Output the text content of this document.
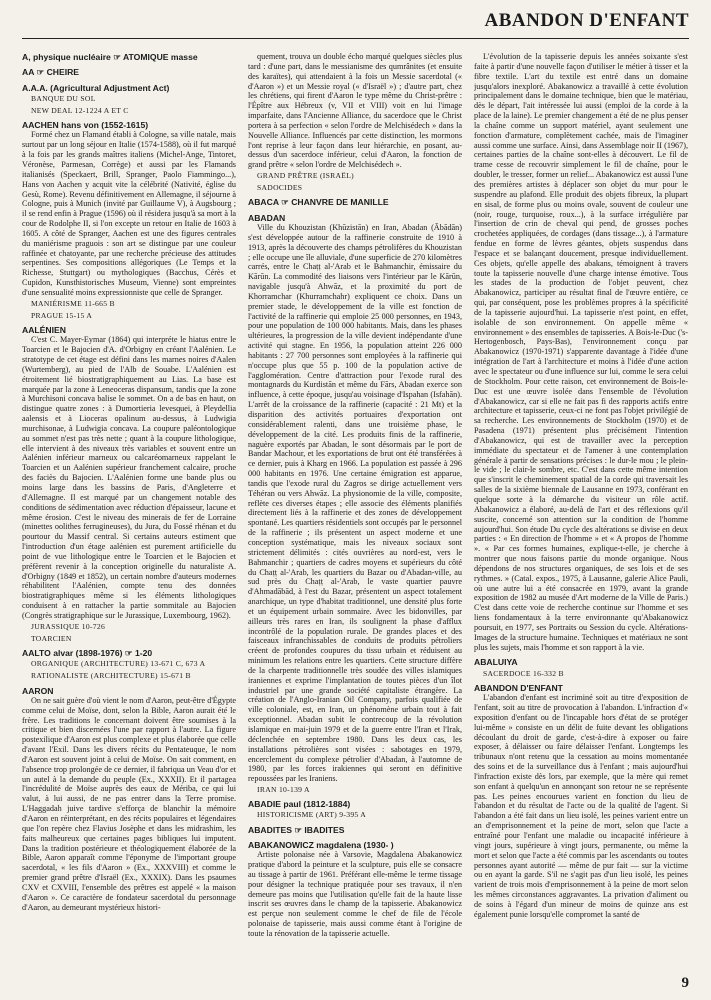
ABANDON D'ENFANT
A, physique nucléaire ☞ ATOMIQUE masse
AA ☞ CHEIRE
A.A.A. (Agricultural Adjustment Act)
BANQUE DU SOL
NEW DEAL 12-1224 A ET C
AACHEN hans von (1552-1615)
Formé chez un Flamand établi à Cologne, sa ville natale, mais surtout par un long séjour en Italie (1574-1588), où il fut marqué à la fois par les grands maîtres italiens (Michel-Ange, Tintoret, Véronèse, Parmesan, Corrège) et aussi par les Flamands italianisés (Speckaert, Brill, Spranger, Paolo Fiammingo...), Hans von Aachen y acquit vite la célébrité (Nativité, église du Gesù, Rome). Revenu définitivement en Allemagne, il séjourne à Cologne, puis à Munich (invité par Guillaume V), à Augsbourg ; il se rend enfin à Prague (1596) où il résidera jusqu'à sa mort à la cour de Rodolphe II, si l'on excepte un retour en Italie de 1603 à 1605. A côté de Spranger, Aachen est une des figures centrales du maniérisme praguois : son art se distingue par une couleur raffinée et chatoyante, par une recherche précieuse des attitudes serpentines. Ses compositions allégoriques (Le Temps et la Richesse, Stuttgart) ou mythologiques (Bacchus, Cérès et Cupidon, Kunsthistorisches Museum, Vienne) sont empreintes d'une sensualité moins expressionniste que celle de Spranger.
MANIÉRISME 11-665 B
PRAGUE 15-15 A
AALÉNIEN
C'est C. Mayer-Eymar (1864) qui interpréte le hiatus entre le Toarcien et le Bajocien d'A. d'Orbigny en créant l'Aalénien. Le stratotype de cet étage est défini dans les marnes noires d'Aalen (Wurtemberg), au pied de l'Alb de Souabe. L'Aalénien est étroitement lié biostratigraphiquement au Lias. La base est marquée par la zone à Leneoceras dispansum, tandis que la zone à Murchisoni concava balise le sommet. On a de bas en haut, on distingue quatre zones : à Dumortieria levesquei, à Pleydellia aalensis et à Lioceras opalinum au-dessus, à Ludwigia murchisonae, à Ludwigia concava. La coupure paléontologique au sommet n'est pas très nette ; quant à la coupure lithologique, elle intervient à des niveaux très variables et souvent entre un Aalénien inférieur marneux ou calcaréomarneux rappelant le Toarcien et un Aalénien supérieur franchement calcaire, proche des faciès du Bajocien. L'Aalénien forme une bande plus ou moins large dans les bassins de Paris, d'Angleterre et d'Allemagne. Il est marqué par un changement notable des conditions de sédimentation avec réduction d'épaisseur, lacune et même érosion. C'est le niveau des minerais de fer de Lorraine (minettes oolithes ferrugineuses), du Jura, du Fossé rhénan et du pourtour du Massif central. Si certains auteurs estiment que l'introduction d'un étage aalénien est purement artificielle du point de vue lithologique entre le Toarcien et le Bajocien et préfèrent revenir à la conception originelle du naturaliste A. d'Orbigny (1849 et 1852), un certain nombre d'auteurs modernes réhabilitent l'Aalénien, compte tenu des données biostratigraphiques même si les éléments lithologiques conduisent à en rattacher la partie sommitale au Bajocien (Congrès stratigraphique sur le Jurassique, Luxembourg, 1962).
JURASSIQUE 10-726
TOARCIEN
AALTO alvar (1898-1976) ☞ 1-20
ORGANIQUE (ARCHITECTURE) 13-671 C, 673 A
RATIONALISTE (ARCHITECTURE) 15-671 B
AARON
On ne sait guère d'où vient le nom d'Aaron, peut-être d'Égypte comme celui de Moïse, dont, selon la Bible, Aaron aurait été le frère. Les traditions le concernant doivent être soumises à la critique et bien discernées l'une par rapport à l'autre. La figure postexilique d'Aaron est plus complexe et plus élaborée que celle d'avant l'Exil. Dans les divers récits du Pentateuque, le nom d'Aaron est souvent joint à celui de Moïse. On sait comment, en l'absence trop prolongée de ce dernier, il fabriqua un Veau d'or et un autel à la demande du peuple (Ex., XXXII). Et il partagea l'incrédulité de Moïse auprès des eaux de Mériba, ce qui lui valut, à lui aussi, de ne pas entrer dans la Terre promise. L'Haggadah juive tardive s'efforça de blanchir la mémoire d'Aaron en réinterprétant, en des récits populaires et légendaires que l'on repère chez Flavius Josèphe et dans les midrashim, les faits malheureux que certaines pages bibliques lui imputent. Dans la tradition postérieure et théologiquement élaborée de la Bible, Aaron apparaît comme l'éponyme de l'important groupe sacerdotal, « les fils d'Aaron » (Ex., XXXVIII) et comme le premier grand prêtre d'Israël (Ex., XXXIX). Dans les psaumes CXV et CXVIII, l'ensemble des prêtres est appelé « la maison d'Aaron ». Ce caractère de fondateur sacerdotal du personnage d'Aaron, au demeurant mystérieux histori-
quement, trouva un double écho marqué quelques siècles plus tard : d'une part, dans le messianisme des qumrânites (et ensuite des karaïtes), qui attendaient à la fois un Messie sacerdotal (« d'Aaron ») et un Messie royal (« d'Israël ») ; d'autre part, chez les chrétiens, qui firent d'Aaron le type même du Christ-prêtre : l'Épître aux Hébreux (v, VII et VIII) voit en lui l'image imparfaite, dans l'Ancienne Alliance, du sacerdoce que le Christ portera à sa perfection « selon l'ordre de Melchisédech » dans la Nouvelle Alliance. Influencés par cette distinction, les mormons l'ont reprise à leur façon dans leur hiérarchie, en posant, au-dessus d'un sacerdoce inférieur, celui d'Aaron, la fonction de grand prêtre « selon l'ordre de Melchisédech ».
GRAND PRÊTRE (ISRAËL)
SADOCIDES
ABACA ☞ CHANVRE DE MANILLE
ABADAN
Ville du Khouzistan (Khūzistān) en Iran, Abadan (Ābādān) s'est développée autour de la raffinerie construite de 1910 à 1913, après la découverte des champs pétrolifères du Khouzistan ; elle occupe une île alluviale, d'une superficie de 270 kilomètres carrés, entre le Chaṭṭ al-'Arab et le Bahmanchir, émissaire du Kārūn. La commodité des liaisons vers l'intérieur par le Kārūn, navigable jusqu'à Ahwāz, et la proximité du port de Khorramchar (Khurramchahr) expliquent ce choix. Dans un premier stade, le développement de la ville est fonction de l'activité de la raffinerie qui emploie 25 000 personnes, en 1943, pour une population de 100 000 habitants. Mais, dans les phases ultérieures, la progression de la ville devient indépendante d'une activité qui stagne. En 1956, la population atteint 226 000 habitants : 27 700 personnes sont employées à la raffinerie qui n'occupe plus que 55 p. 100 de la population active de l'agglomération. Centre d'attraction pour l'exode rural des montagnards du Kurdistān et même du Fārs, Abadan exerce son influence, à cette époque, jusqu'au voisinage d'Ispahan (Isfahān). L'arrêt de la croissance de la raffinerie (capacité : 21 Mt) et la disparition des activités portuaires d'exportation ont considérablement ralenti, dans une troisième phase, le développement de la cité. Les produits finis de la raffinerie, naguère exportés par Abadan, le sont désormais par le port de Bandar Machour, et les exportations de brut ont été transférées à ce dernier, puis à Kharg en 1966. La population est passée à 296 000 habitants en 1976. Une certaine émigration est apparue, tandis que l'exode rural du Zagros se dirige actuellement vers Téhéran ou vers Ahwāz. La physionomie de la ville, composite, reflète ces diverses étapes ; elle associe des éléments planifiés directement liés à la raffinerie et des zones de développement spontané. Les quartiers résidentiels sont occupés par le personnel de la raffinerie ; ils présentent un aspect moderne et une conception systématique, mais les niveaux sociaux sont strictement délimités : cités ouvrières au nord-est, vers le Bahmanchir ; quartiers de cadres moyens et supérieurs du côté du Chaṭṭ al-'Arab, les quartiers du Bazar ou d'Abadan-ville, au sud près du Chaṭṭ al-'Arab, le vaste quartier pauvre d'Ahmadābād, à l'est du Bazar, présentent un aspect totalement anarchique, un type d'habitat traditionnel, une densité plus forte et un équipement urbain sommaire. Avec les bidonvilles, par ailleurs très rares en Iran, ils soulignent la phase d'afflux incontrôlé de la population rurale. De grandes places et des faisceaux infranchissables de conduits de produits pétroliers créent de profondes coupures du tissu urbain et réduisent au minimum les relations entre les quartiers. Cette structure diffère de la charpente traditionnelle très soudée des villes islamiques iraniennes et exprime l'implantation de toutes pièces d'un îlot industriel par une grande société capitaliste étrangère. La création de l'Anglo-Iranian Oil Company, parfois qualifiée de ville coloniale, est, en Iran, un phénomène urbain tout à fait exceptionnel. Abadan subit le contrecoup de la révolution islamique en mai-juin 1979 et de la guerre entre l'Iran et l'Irak, déclenchée en septembre 1980. Dans les deux cas, les installations pétrolières sont visées : sabotages en 1979, encerclement du complexe pétrolier d'Abadan, à l'automne de 1980, par les forces irakiennes qui seront en définitive repoussées par les Iraniens.
IRAN 10-139 A
ABADIE paul (1812-1884)
HISTORICISME (ART) 9-395 A
ABADITES ☞ IBADITES
ABAKANOWICZ magdalena (1930- )
Artiste polonaise née à Varsovie, Magdalena Abakanowicz pratique d'abord la peinture et la sculpture, puis elle se consacre au tissage à partir de 1961. Préférant elle-même le terme tissage pour désigner la technique pratiquée pour ses travaux, il n'en demeure pas moins que l'utilisation qu'elle fait de la haute lisse inscrit ses œuvres dans le champ de la tapisserie. Abakanowicz est perçue non seulement comme le chef de file de l'école polonaise de tapisserie, mais aussi comme étant à l'origine de toute la rénovation de la tapisserie actuelle.
L'évolution de la tapisserie depuis les années soixante s'est faite à partir d'une nouvelle façon d'utiliser le métier à tisser et la fibre textile. L'art du textile est entré dans un domaine jusqu'alors inexploré. Abakanowicz a travaillé à cette évolution principalement dans le domaine technique, bien que le matériau, dès le départ, l'ait intéressée lui aussi (emploi de la corde à la place de la laine). Le premier changement a été de ne plus penser la chaîne comme un support matériel, ayant seulement une fonction d'armature, complètement cachée, mais de l'imaginer aussi comme une surface. Ainsi, dans Assemblage noir II (1967), certaines parties de la chaîne sont-elles à découvert. Le fil de trame cesse de recouvrir simplement le fil de chaîne, pour le doubler, le tresser, former un relief... Abakanowicz est aussi l'une des premières artistes à déplacer son objet du mur pour le suspendre au plafond. Elle produit des objets fibreux, la plupart en sisal, de forme plus ou moins ovale, souvent de couleur une (noir, rouge, turquoise, roux...), à la surface irrégulière par l'insertion de crin de cheval qui pend, de grosses poches crochetées appliquées, de cordages (dans tissage...), à l'armature fendue en forme de lèvres géantes, objets suspendus dans l'espace et se balançant doucement, presque individuellement. Ces objets, qu'elle appelle des abakans, témoignent à travers toute la tapisserie nouvelle d'une charge intense émotive. Tous les stades de la production de l'objet peuvent, chez Abakanowicz, participer au résultat final de l'œuvre entière, ce qui, par conséquent, pose les problèmes propres à la spécificité de la tapisserie aujourd'hui. La tapisserie n'est point, en effet, isolable de son environnement. On appelle même « environnement » des ensembles de tapisseries. A Bois-le-Duc ('s-Hertogenbosch, Pays-Bas), l'environnement conçu par Abakanowicz (1970-1971) s'apparente davantage à l'idée d'une intégration de l'art à l'architecture et moins à l'idée d'une action avec le spectateur ou d'une influence sur lui, comme le sera celui de Stockholm. Pour cette raison, cet environnement de Bois-le-Duc est une œuvre isolée dans l'ensemble de l'évolution d'Abakanowicz, car si elle ne fait pas fi des rapports actifs entre architecture et tapisserie, ceux-ci ne font pas l'objet privilégié de sa recherche. Les environnements de Stockholm (1970) et de Pasadena (1971) présentent plus précisément l'intention d'Abakanowicz, qui est de travailler avec la perception immédiate du spectateur et de l'amener à une contemplation générale à partir de sensations précises : le dur-le mou ; le plein-le vide ; le clair-le sombre, etc. C'est dans cette même intention que s'inscrit le cheminement spatial de la corde qui traversait les salles de la sixième biennale de Lausanne en 1973, conférant en quelque sorte à la démarche du visiteur un rôle actif. Abakanowicz a élaboré, au-delà de l'art et des réflexions qu'il suscite, concerné son attention sur la condition de l'homme aujourd'hui. Son étude Du cycle des altérations se divise en deux parties : « En direction de l'homme » et « A propos de l'homme ». « Par ces formes humaines, explique-t-elle, je cherche à montrer que nous faisons partie du monde organique. Nous dépendons de nos structures organiques, de ses lois et de ses rythmes. » (Catal. expos., 1975, à Lausanne, galerie Alice Pauli, où une autre lui a été consacrée en 1979, avant la grande exposition de 1982 au musée d'Art moderne de la Ville de Paris.) C'est dans cette voie de recherche continue sur l'homme et ses liens fondamentaux à la terre environnante qu'Abakanowicz poursuit, en 1977, ses Portraits ou Session du cycle. Altérations-Images de la structure humaine. Techniques et matériaux ne sont plus les sujets, mais l'homme et son rapport à la vie.
ABALUIYA
SACERDOCE 16-332 B
ABANDON D'ENFANT
L'abandon d'enfant est incriminé soit au titre d'exposition de l'enfant, soit au titre de provocation à l'abandon. L'infraction d'« exposition d'enfant ou de l'incapable hors d'état de se protéger lui-même » consiste en un délit de fuite devant les obligations découlant du droit de garde, c'est-à-dire à exposer ou faire exposer, à délaisser ou faire délaisser l'enfant. Longtemps les tribunaux n'ont retenu que la cessation au moins momentanée des soins et de la surveillance dus à l'enfant ; mais aujourd'hui l'infraction existe dès lors, par exemple, que la mère qui remet son enfant à quelqu'un en annonçant son retour ne se représente pas. Les peines encourues varient en fonction du lieu de l'abandon et du résultat de l'acte ou de la qualité de l'agent. Si l'abandon a été fait dans un lieu isolé, les peines varient entre un an d'emprisonnement et la peine de mort, selon que l'acte a entraîné pour l'enfant une maladie ou incapacité inférieure à vingt jours, supérieure à vingt jours, permanente, ou même la mort et selon que l'acte a été commis par les ascendants ou toutes personnes ayant autorité — même de pur fait — sur la victime ou en ayant la garde. S'il ne s'agit pas d'un lieu isolé, les peines varient de trois mois d'emprisonnement à la peine de mort selon les mêmes circonstances aggravantes. La privation d'aliment ou de soins à l'égard d'un mineur de moins de quinze ans est également punie lorsqu'elle compromet la santé de
9
